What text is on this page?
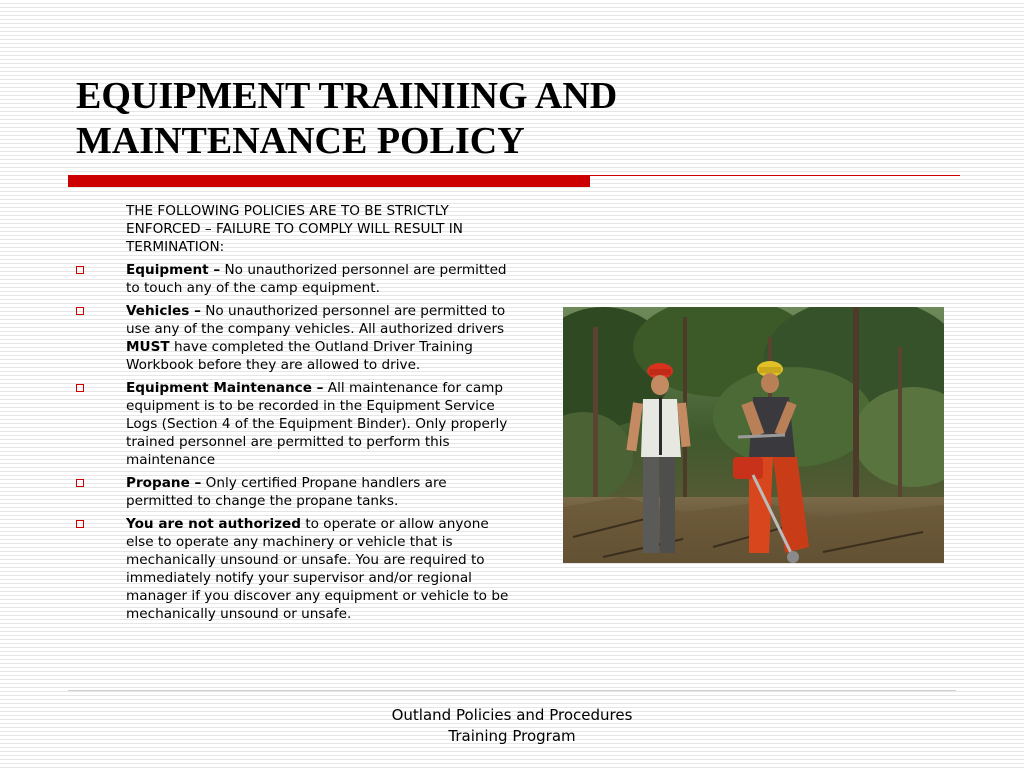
EQUIPMENT TRAINIING AND
MAINTENANCE POLICY

THE FOLLOWING POLICIES ARE TO BE STRICTLY ENFORCED – FAILURE TO COMPLY WILL RESULT IN TERMINATION:

Equipment – No unauthorized personnel are permitted to touch any of the camp equipment.
Vehicles – No unauthorized personnel are permitted to use any of the company vehicles. All authorized drivers MUST have completed the Outland Driver Training Workbook before they are allowed to drive.
Equipment Maintenance – All maintenance for camp equipment is to be recorded in the Equipment Service Logs (Section 4 of the Equipment Binder). Only properly trained personnel are permitted to perform this maintenance
Propane – Only certified Propane handlers are permitted to change the propane tanks.
You are not authorized to operate or allow anyone else to operate any machinery or vehicle that is mechanically unsound or unsafe. You are required to immediately notify your supervisor and/or regional manager if you discover any equipment or vehicle to be mechanically unsound or unsafe.
Outland Policies and Procedures
Training Program
